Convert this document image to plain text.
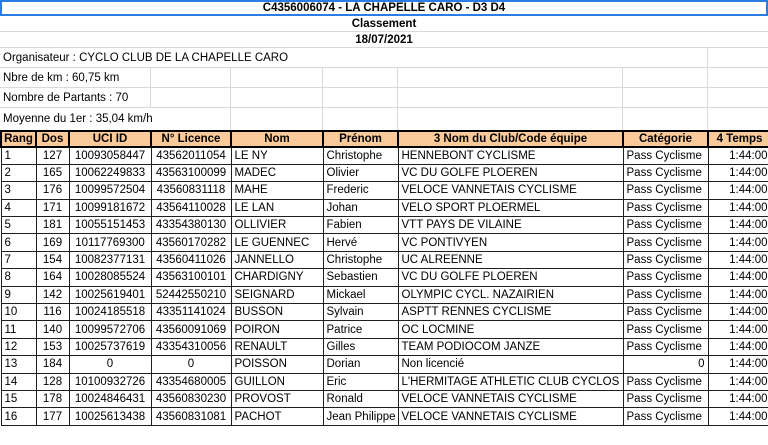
C4356006074 - LA CHAPELLE CARO - D3 D4
Classement
18/07/2021
Organisateur : CYCLO CLUB DE LA CHAPELLE CARO
Nbre de km : 60,75 km
Nombre de Partants : 70
Moyenne du 1er : 35,04 km/h
Rang	Dos	UCI ID	N° Licence	Nom	Prénom	3 Nom du Club/Code équipe	Catégorie	4 Temps
1	127	10093058447	43562011054	LE NY	Christophe	HENNEBONT CYCLISME	Pass Cyclisme	1:44:00
2	165	10062249833	43563100099	MADEC	Olivier	VC DU GOLFE PLOEREN	Pass Cyclisme	1:44:00
3	176	10099572504	43560831118	MAHE	Frederic	VELOCE VANNETAIS CYCLISME	Pass Cyclisme	1:44:00
4	171	10099181672	43564110028	LE LAN	Johan	VELO SPORT PLOERMEL	Pass Cyclisme	1:44:00
5	181	10055151453	43354380130	OLLIVIER	Fabien	VTT PAYS DE VILAINE	Pass Cyclisme	1:44:00
6	169	10117769300	43560170282	LE GUENNEC	Hervé	VC PONTIVYEN	Pass Cyclisme	1:44:00
7	154	10082377131	43560411026	JANNELLO	Christophe	UC ALREENNE	Pass Cyclisme	1:44:00
8	164	10028085524	43563100101	CHARDIGNY	Sebastien	VC DU GOLFE PLOEREN	Pass Cyclisme	1:44:00
9	142	10025619401	52442550210	SEIGNARD	Mickael	OLYMPIC CYCL. NAZAIRIEN	Pass Cyclisme	1:44:00
10	116	10024185518	43351141024	BUSSON	Sylvain	ASPTT RENNES CYCLISME	Pass Cyclisme	1:44:00
11	140	10099572706	43560091069	POIRON	Patrice	OC LOCMINE	Pass Cyclisme	1:44:00
12	153	10025737619	43354310056	RENAULT	Gilles	TEAM PODIOCOM JANZE	Pass Cyclisme	1:44:00
13	184	0	0	POISSON	Dorian	Non licencié	0	1:44:00
14	128	10100932726	43354680005	GUILLON	Eric	L'HERMITAGE ATHLETIC CLUB CYCLOS	Pass Cyclisme	1:44:00
15	178	10024846431	43560830230	PROVOST	Ronald	VELOCE VANNETAIS CYCLISME	Pass Cyclisme	1:44:00
16	177	10025613438	43560831081	PACHOT	Jean Philippe	VELOCE VANNETAIS CYCLISME	Pass Cyclisme	1:44:00
